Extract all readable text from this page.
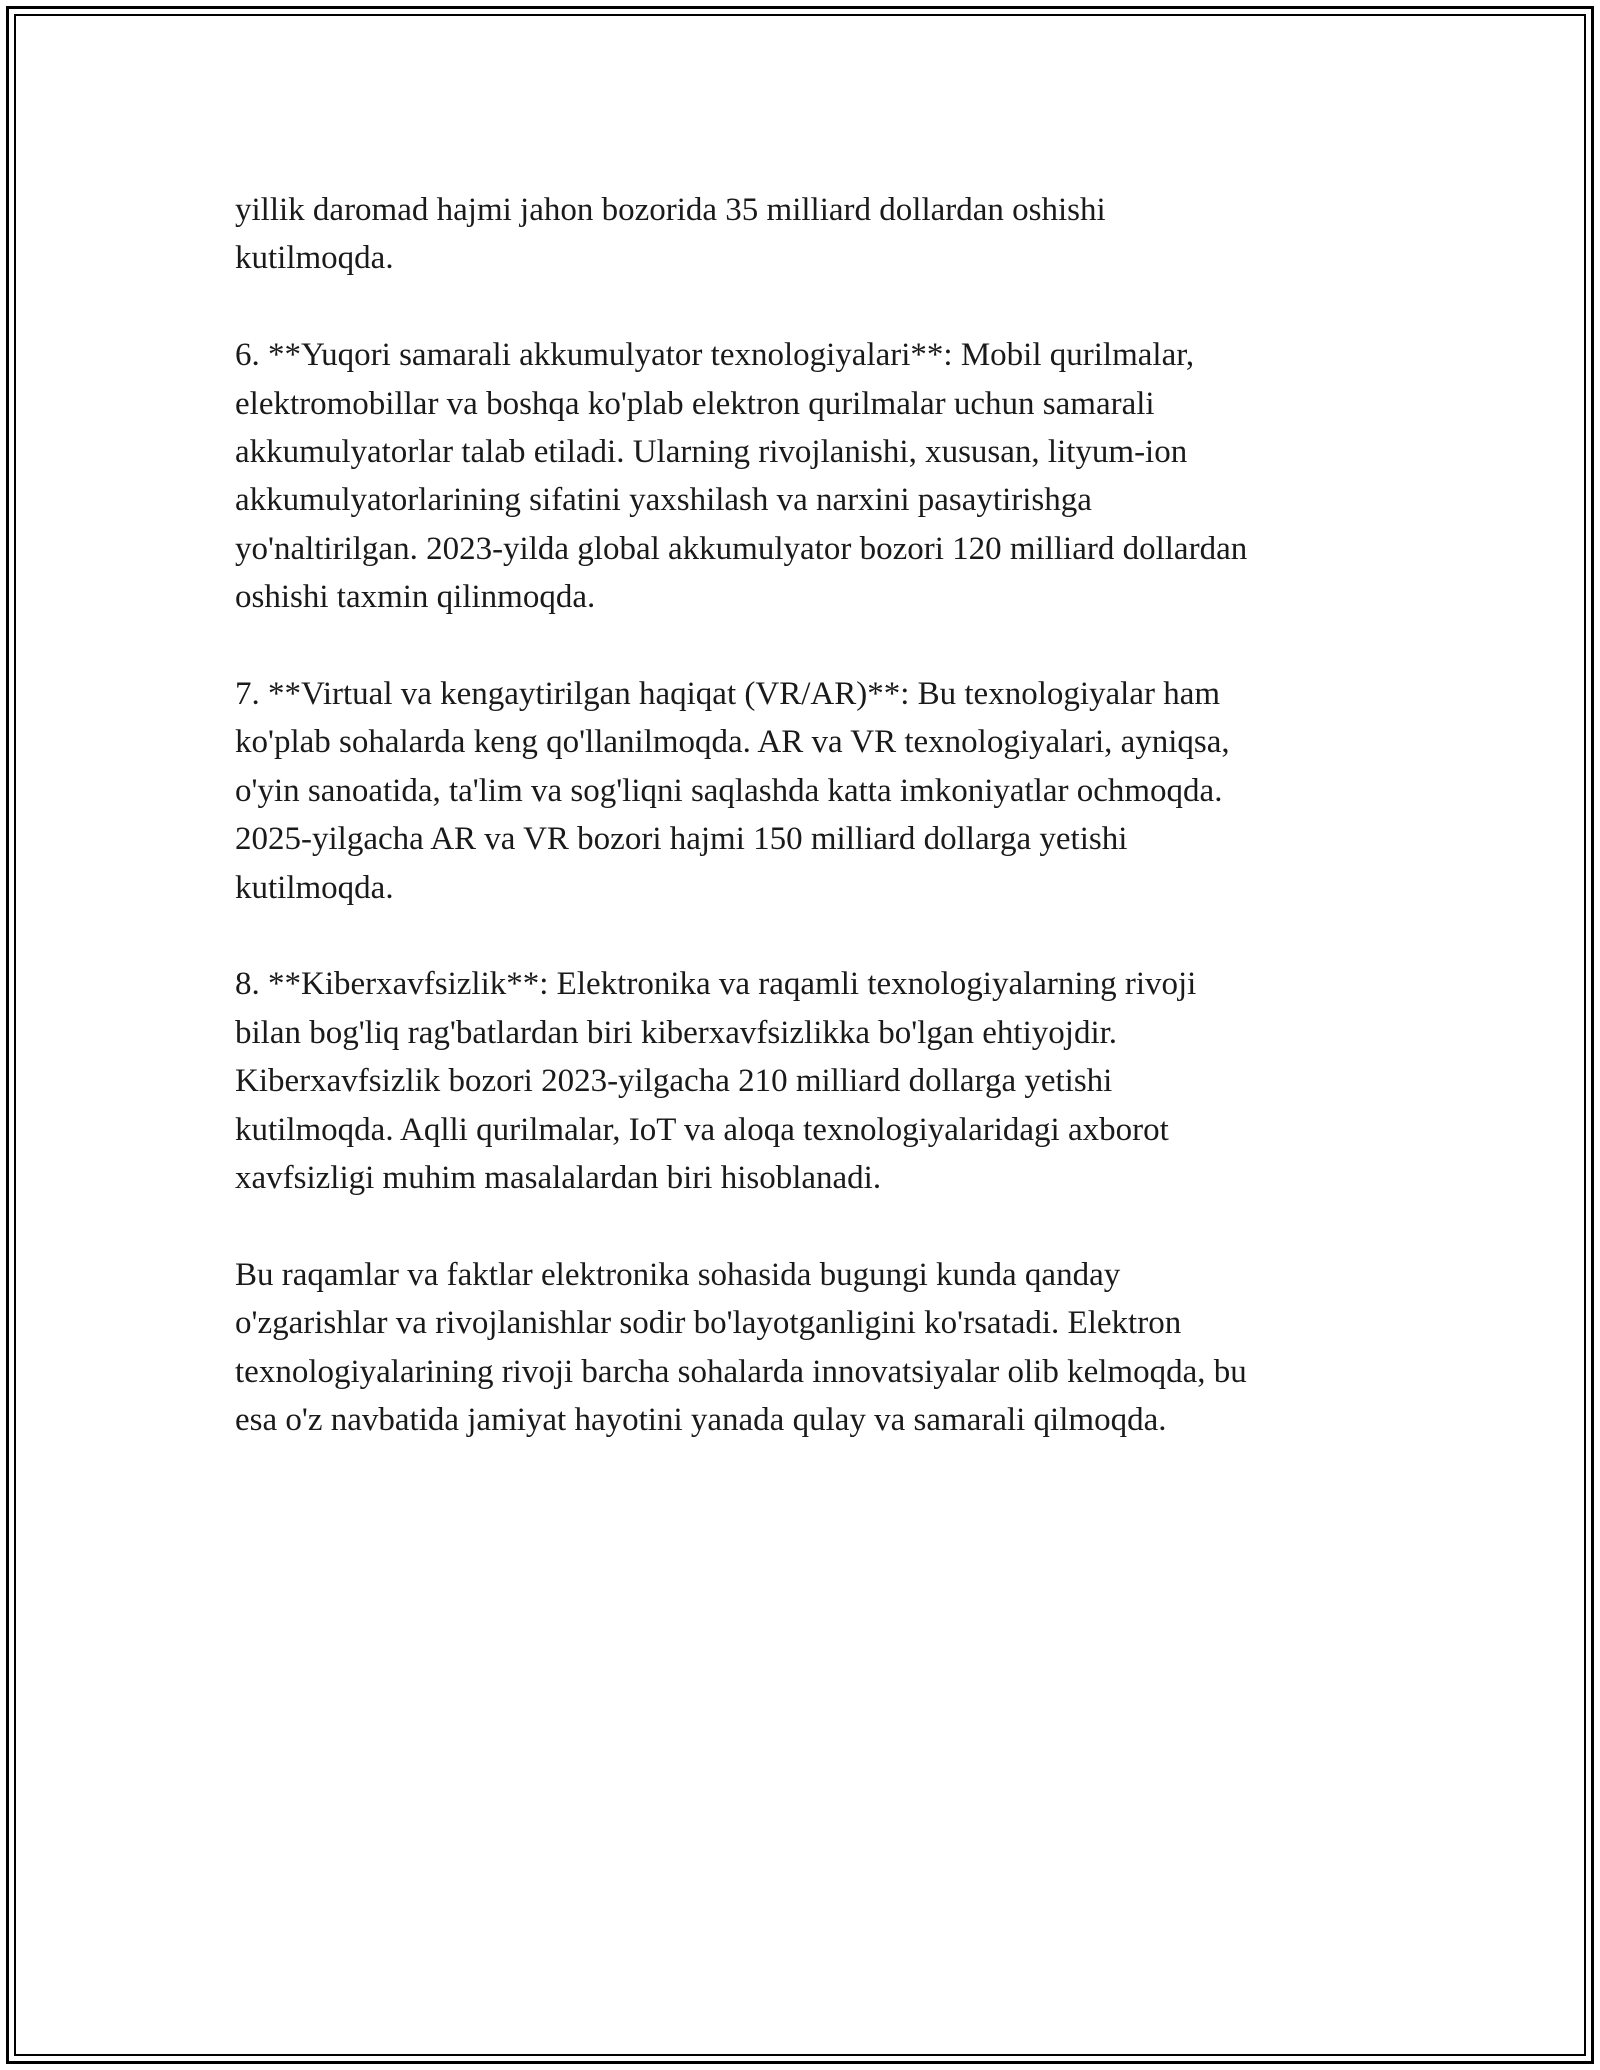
yillik daromad hajmi jahon bozorida 35 milliard dollardan oshishi
kutilmoqda.

6. **Yuqori samarali akkumulyator texnologiyalari**: Mobil qurilmalar,
elektromobillar va boshqa ko'plab elektron qurilmalar uchun samarali
akkumulyatorlar talab etiladi. Ularning rivojlanishi, xususan, lityum-ion
akkumulyatorlarining sifatini yaxshilash va narxini pasaytirishga
yo'naltirilgan. 2023-yilda global akkumulyator bozori 120 milliard dollardan
oshishi taxmin qilinmoqda.

7. **Virtual va kengaytirilgan haqiqat (VR/AR)**: Bu texnologiyalar ham
ko'plab sohalarda keng qo'llanilmoqda. AR va VR texnologiyalari, ayniqsa,
o'yin sanoatida, ta'lim va sog'liqni saqlashda katta imkoniyatlar ochmoqda.
2025-yilgacha AR va VR bozori hajmi 150 milliard dollarga yetishi
kutilmoqda.

8. **Kiberxavfsizlik**: Elektronika va raqamli texnologiyalarning rivoji
bilan bog'liq rag'batlardan biri kiberxavfsizlikka bo'lgan ehtiyojdir.
Kiberxavfsizlik bozori 2023-yilgacha 210 milliard dollarga yetishi
kutilmoqda. Aqlli qurilmalar, IoT va aloqa texnologiyalaridagi axborot
xavfsizligi muhim masalalardan biri hisoblanadi.

Bu raqamlar va faktlar elektronika sohasida bugungi kunda qanday
o'zgarishlar va rivojlanishlar sodir bo'layotganligini ko'rsatadi. Elektron
texnologiyalarining rivoji barcha sohalarda innovatsiyalar olib kelmoqda, bu
esa o'z navbatida jamiyat hayotini yanada qulay va samarali qilmoqda.
